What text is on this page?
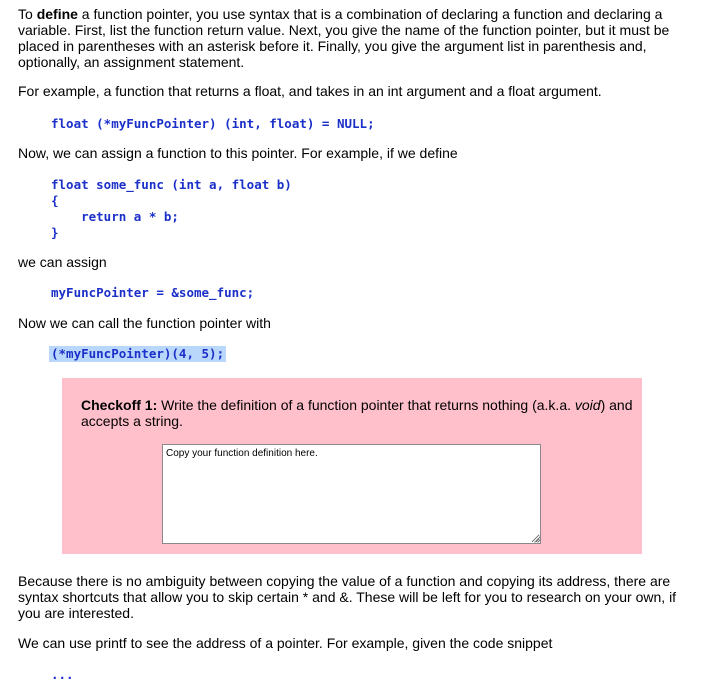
To define a function pointer, you use syntax that is a combination of declaring a function and declaring a variable. First, list the function return value. Next, you give the name of the function pointer, but it must be placed in parentheses with an asterisk before it. Finally, you give the argument list in parenthesis and, optionally, an assignment statement.

For example, a function that returns a float, and takes in an int argument and a float argument.

float (*myFuncPointer) (int, float) = NULL;

Now, we can assign a function to this pointer. For example, if we define

float some_func (int a, float b)
{
return a * b;
}

we can assign

myFuncPointer = &some_func;

Now we can call the function pointer with

(*myFuncPointer)(4, 5);

Checkoff 1: Write the definition of a function pointer that returns nothing (a.k.a. void) and accepts a string.

Copy your function definition here.

Because there is no ambiguity between copying the value of a function and copying its address, there are syntax shortcuts that allow you to skip certain * and &. These will be left for you to research on your own, if you are interested.

We can use printf to see the address of a pointer. For example, given the code snippet

...
